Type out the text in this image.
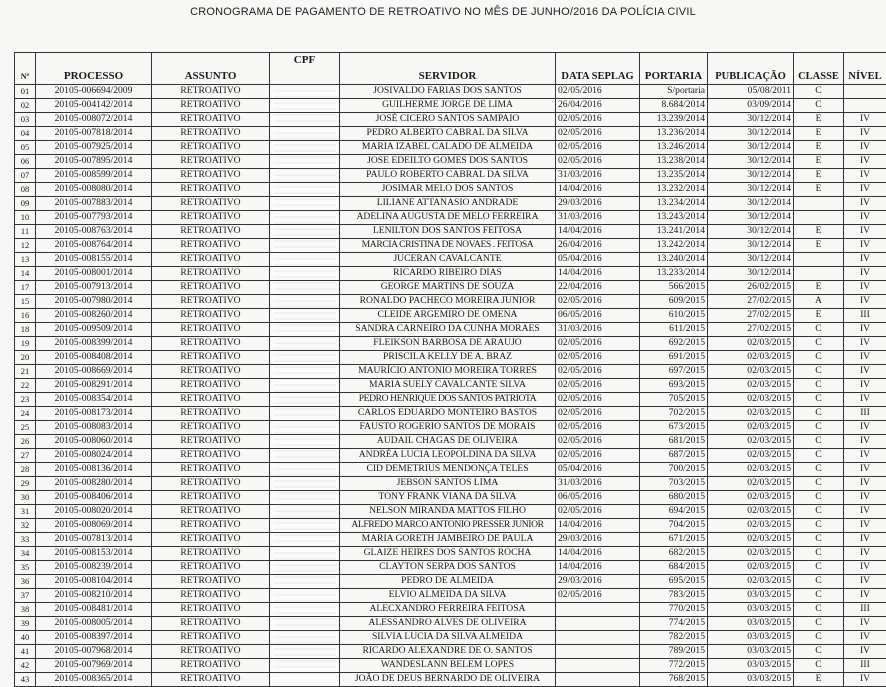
CRONOGRAMA DE PAGAMENTO DE RETROATIVO NO MÊS DE JUNHO/2016 DA POLÍCIA CIVIL
Nº	PROCESSO	ASSUNTO	CPF	SERVIDOR	DATA SEPLAG	PORTARIA	PUBLICAÇÃO	CLASSE	NÍVEL
01	20105-006694/2009	RETROATIVO		JOSIVALDO FARIAS DOS SANTOS	02/05/2016	S/portaria	05/08/2011	C	
02	20105-004142/2014	RETROATIVO		GUILHERME JORGE DE LIMA	26/04/2016	8.684/2014	03/09/2014	C	
03	20105-008072/2014	RETROATIVO		JOSÉ CICERO SANTOS SAMPAIO	02/05/2016	13.239/2014	30/12/2014	E	IV
04	20105-007818/2014	RETROATIVO		PEDRO ALBERTO CABRAL DA SILVA	02/05/2016	13.236/2014	30/12/2014	E	IV
05	20105-007925/2014	RETROATIVO		MARIA IZABEL CALADO DE ALMEIDA	02/05/2016	13.246/2014	30/12/2014	E	IV
06	20105-007895/2014	RETROATIVO		JOSE EDEILTO GOMES DOS SANTOS	02/05/2016	13.238/2014	30/12/2014	E	IV
07	20105-008599/2014	RETROATIVO		PAULO ROBERTO CABRAL DA SILVA	31/03/2016	13.235/2014	30/12/2014	E	IV
08	20105-008080/2014	RETROATIVO		JOSIMAR MELO DOS SANTOS	14/04/2016	13.232/2014	30/12/2014	E	IV
09	20105-007883/2014	RETROATIVO		LILIANE ATTANASIO ANDRADE	29/03/2016	13.234/2014	30/12/2014		IV
10	20105-007793/2014	RETROATIVO		ADELINA AUGUSTA DE MELO FERREIRA	31/03/2016	13.243/2014	30/12/2014		IV
11	20105-008763/2014	RETROATIVO		LENILTON DOS SANTOS FEITOSA	14/04/2016	13.241/2014	30/12/2014	E	IV
12	20105-008764/2014	RETROATIVO		MARCIA CRISTINA DE NOVAES . FEITOSA	26/04/2016	13.242/2014	30/12/2014	E	IV
13	20105-008155/2014	RETROATIVO		JUCERAN CAVALCANTE	05/04/2016	13.240/2014	30/12/2014		IV
14	20105-008001/2014	RETROATIVO		RICARDO RIBEIRO DIAS	14/04/2016	13.233/2014	30/12/2014		IV
17	20105-007913/2014	RETROATIVO		GEORGE MARTINS DE SOUZA	22/04/2016	566/2015	26/02/2015	E	IV
15	20105-007980/2014	RETROATIVO		RONALDO PACHECO MOREIRA JUNIOR	02/05/2016	609/2015	27/02/2015	A	IV
16	20105-008260/2014	RETROATIVO		CLEIDE ARGEMIRO DE OMENA	06/05/2016	610/2015	27/02/2015	E	III
18	20105-009509/2014	RETROATIVO		SANDRA CARNEIRO DA CUNHA MORAES	31/03/2016	611/2015	27/02/2015	C	IV
19	20105-008399/2014	RETROATIVO		FLEIKSON BARBOSA DE ARAUJO	02/05/2016	692/2015	02/03/2015	C	IV
20	20105-008408/2014	RETROATIVO		PRISCILA KELLY DE A. BRAZ	02/05/2016	691/2015	02/03/2015	C	IV
21	20105-008669/2014	RETROATIVO		MAURÍCIO ANTONIO MOREIRA TORRES	02/05/2016	697/2015	02/03/2015	C	IV
22	20105-008291/2014	RETROATIVO		MARIA SUELY CAVALCANTE SILVA	02/05/2016	693/2015	02/03/2015	C	IV
23	20105-008354/2014	RETROATIVO		PEDRO HENRIQUE DOS SANTOS PATRIOTA	02/05/2016	705/2015	02/03/2015	C	IV
24	20105-008173/2014	RETROATIVO		CARLOS EDUARDO MONTEIRO BASTOS	02/05/2016	702/2015	02/03/2015	C	III
25	20105-008083/2014	RETROATIVO		FAUSTO ROGERIO SANTOS DE MORAIS	02/05/2016	673/2015	02/03/2015	C	IV
26	20105-008060/2014	RETROATIVO		AUDAIL CHAGAS DE OLIVEIRA	02/05/2016	681/2015	02/03/2015	C	IV
27	20105-008024/2014	RETROATIVO		ANDRÉA LUCIA LEOPOLDINA DA SILVA	02/05/2016	687/2015	02/03/2015	C	IV
28	20105-008136/2014	RETROATIVO		CID DEMETRIUS MENDONÇA TELES	05/04/2016	700/2015	02/03/2015	C	IV
29	20105-008280/2014	RETROATIVO		JEBSON SANTOS LIMA	31/03/2016	703/2015	02/03/2015	C	IV
30	20105-008406/2014	RETROATIVO		TONY FRANK VIANA DA SILVA	06/05/2016	680/2015	02/03/2015	C	IV
31	20105-008020/2014	RETROATIVO		NELSON MIRANDA MATTOS FILHO	02/05/2016	694/2015	02/03/2015	C	IV
32	20105-008069/2014	RETROATIVO		ALFREDO MARCO ANTONIO PRESSER JUNIOR	14/04/2016	704/2015	02/03/2015	C	IV
33	20105-007813/2014	RETROATIVO		MARIA GORETH JAMBEIRO DE PAULA	29/03/2016	671/2015	02/03/2015	C	IV
34	20105-008153/2014	RETROATIVO		GLAIZE HEIRES DOS SANTOS ROCHA	14/04/2016	682/2015	02/03/2015	C	IV
35	20105-008239/2014	RETROATIVO		CLAYTON SERPA DOS SANTOS	14/04/2016	684/2015	02/03/2015	C	IV
36	20105-008104/2014	RETROATIVO		PEDRO DE ALMEIDA	29/03/2016	695/2015	02/03/2015	C	IV
37	20105-008210/2014	RETROATIVO		ELVIO ALMEIDA DA SILVA	02/05/2016	783/2015	03/03/2015	C	IV
38	20105-008481/2014	RETROATIVO		ALECXANDRO FERREIRA FEITOSA		770/2015	03/03/2015	C	III
39	20105-008005/2014	RETROATIVO		ALESSANDRO ALVES DE OLIVEIRA		774/2015	03/03/2015	C	IV
40	20105-008397/2014	RETROATIVO		SILVIA LUCIA DA SILVA ALMEIDA		782/2015	03/03/2015	C	IV
41	20105-007968/2014	RETROATIVO		RICARDO ALEXANDRE DE O. SANTOS		789/2015	03/03/2015	C	IV
42	20105-007969/2014	RETROATIVO		WANDESLANN BELEM LOPES		772/2015	03/03/2015	C	III
43	20105-008365/2014	RETROATIVO		JOÃO DE DEUS BERNARDO DE OLIVEIRA		768/2015	03/03/2015	E	IV
